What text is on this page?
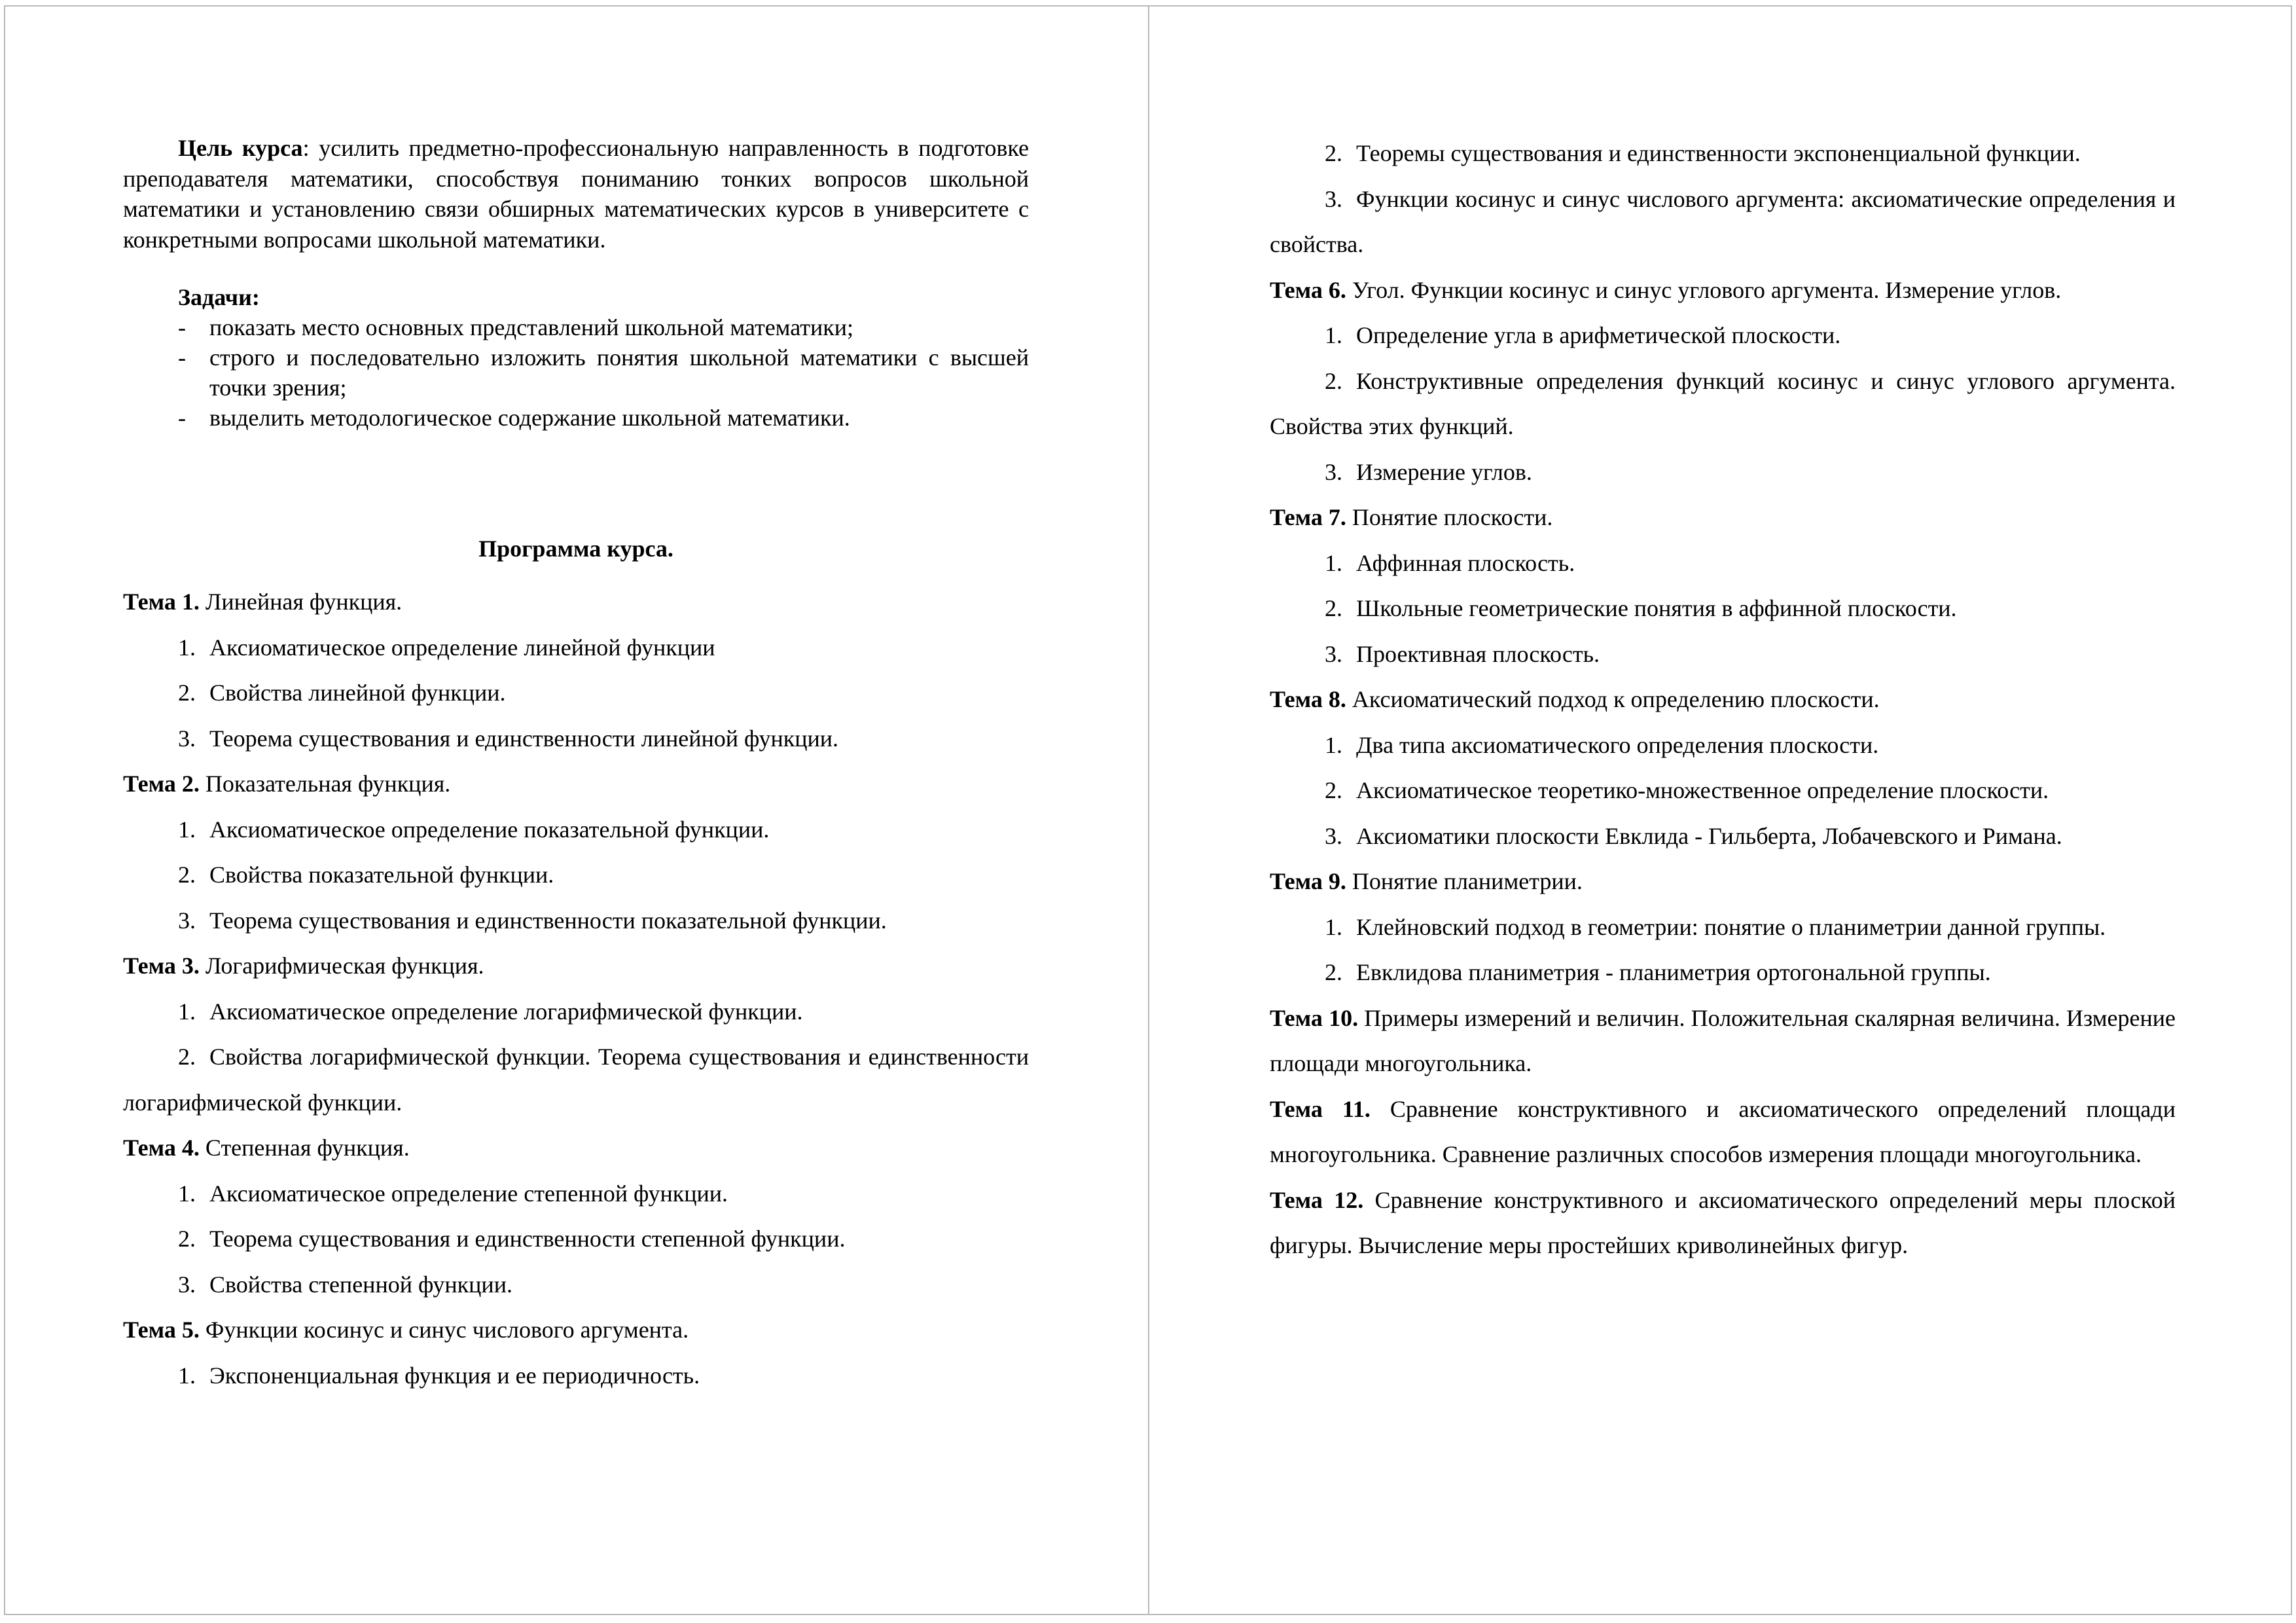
Цель курса: усилить предметно-профессиональную направленность в подготовке преподавателя математики, способствуя пониманию тонких вопросов школьной математики и установлению связи обширных математических курсов в университете с конкретными вопросами школьной математики.

Задачи:
- показать место основных представлений школьной математики;
- строго и последовательно изложить понятия школьной математики с высшей точки зрения;
- выделить методологическое содержание школьной математики.
Программа курса.
Тема 1. Линейная функция.
1. Аксиоматическое определение линейной функции
2. Свойства линейной функции.
3. Теорема существования и единственности линейной функции.
Тема 2. Показательная функция.
1. Аксиоматическое определение показательной функции.
2. Свойства показательной функции.
3. Теорема существования и единственности показательной функции.
Тема 3. Логарифмическая функция.
1. Аксиоматическое определение логарифмической функции.
2. Свойства логарифмической функции. Теорема существования и единственности логарифмической функции.
Тема 4. Степенная функция.
1. Аксиоматическое определение степенной функции.
2. Теорема существования и единственности степенной функции.
3. Свойства степенной функции.
Тема 5. Функции косинус и синус числового аргумента.
1. Экспоненциальная функция и ее периодичность.
2. Теоремы существования и единственности экспоненциальной функции.
3. Функции косинус и синус числового аргумента: аксиоматические определения и свойства.
Тема 6. Угол. Функции косинус и синус углового аргумента. Измерение углов.
1. Определение угла в арифметической плоскости.
2. Конструктивные определения функций косинус и синус углового аргумента. Свойства этих функций.
3. Измерение углов.
Тема 7. Понятие плоскости.
1. Аффинная плоскость.
2. Школьные геометрические понятия в аффинной плоскости.
3. Проективная плоскость.
Тема 8. Аксиоматический подход к определению плоскости.
1. Два типа аксиоматического определения плоскости.
2. Аксиоматическое теоретико-множественное определение плоскости.
3. Аксиоматики плоскости Евклида - Гильберта, Лобачевского и Римана.
Тема 9. Понятие планиметрии.
1. Клейновский подход в геометрии: понятие о планиметрии данной группы.
2. Евклидова планиметрия - планиметрия ортогональной группы.
Тема 10. Примеры измерений и величин. Положительная скалярная величина. Измерение площади многоугольника.
Тема 11. Сравнение конструктивного и аксиоматического определений площади многоугольника. Сравнение различных способов измерения площади многоугольника.
Тема 12. Сравнение конструктивного и аксиоматического определений меры плоской фигуры. Вычисление меры простейших криволинейных фигур.
